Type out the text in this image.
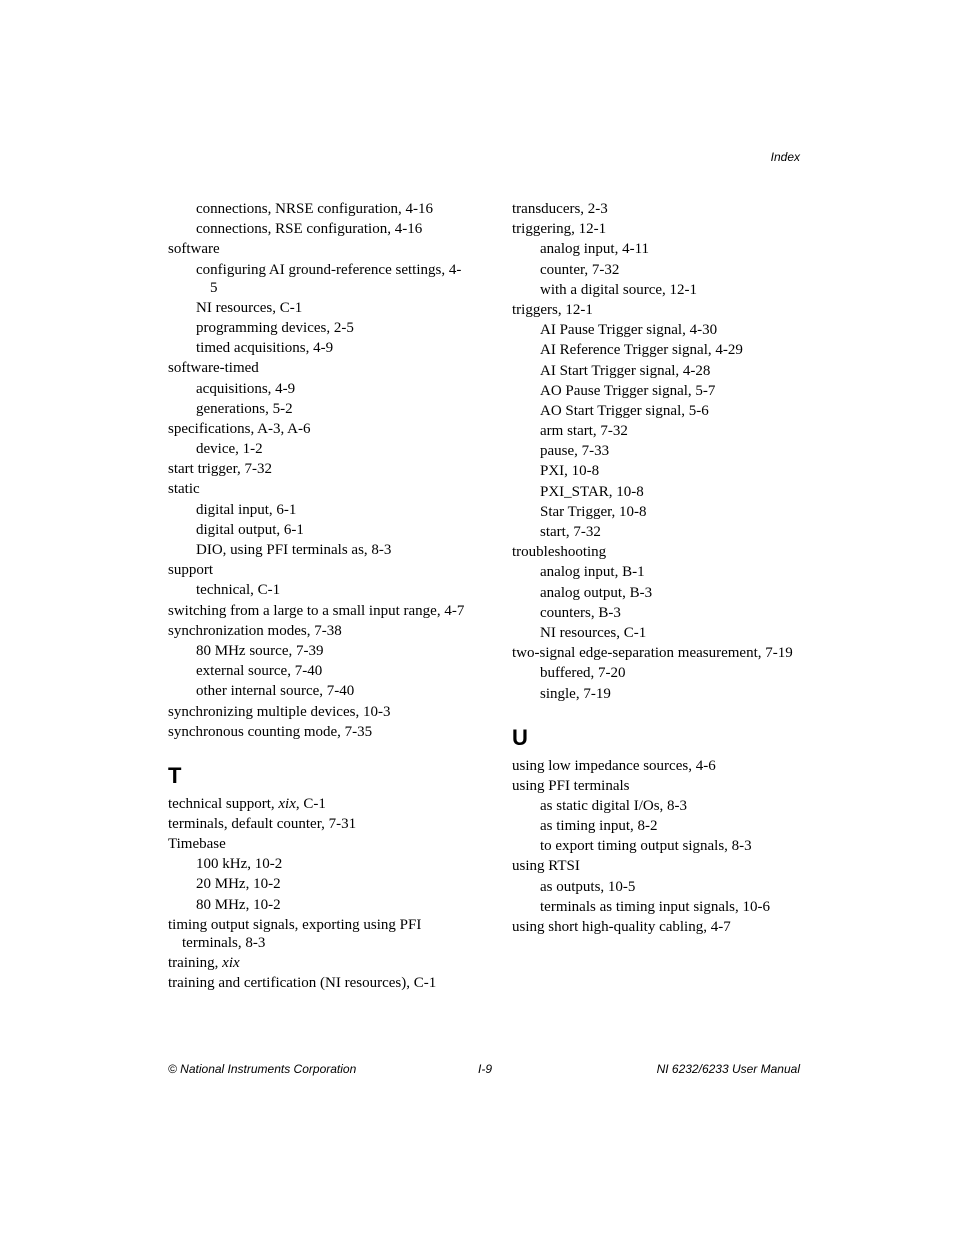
Index
connections, NRSE configuration, 4-16
connections, RSE configuration, 4-16
software
configuring AI ground-reference settings, 4-5
NI resources, C-1
programming devices, 2-5
timed acquisitions, 4-9
software-timed
acquisitions, 4-9
generations, 5-2
specifications, A-3, A-6
device, 1-2
start trigger, 7-32
static
digital input, 6-1
digital output, 6-1
DIO, using PFI terminals as, 8-3
support
technical, C-1
switching from a large to a small input range, 4-7
synchronization modes, 7-38
80 MHz source, 7-39
external source, 7-40
other internal source, 7-40
synchronizing multiple devices, 10-3
synchronous counting mode, 7-35
T
technical support, xix, C-1
terminals, default counter, 7-31
Timebase
100 kHz, 10-2
20 MHz, 10-2
80 MHz, 10-2
timing output signals, exporting using PFI terminals, 8-3
training, xix
training and certification (NI resources), C-1
transducers, 2-3
triggering, 12-1
analog input, 4-11
counter, 7-32
with a digital source, 12-1
triggers, 12-1
AI Pause Trigger signal, 4-30
AI Reference Trigger signal, 4-29
AI Start Trigger signal, 4-28
AO Pause Trigger signal, 5-7
AO Start Trigger signal, 5-6
arm start, 7-32
pause, 7-33
PXI, 10-8
PXI_STAR, 10-8
Star Trigger, 10-8
start, 7-32
troubleshooting
analog input, B-1
analog output, B-3
counters, B-3
NI resources, C-1
two-signal edge-separation measurement, 7-19
buffered, 7-20
single, 7-19
U
using low impedance sources, 4-6
using PFI terminals
as static digital I/Os, 8-3
as timing input, 8-2
to export timing output signals, 8-3
using RTSI
as outputs, 10-5
terminals as timing input signals, 10-6
using short high-quality cabling, 4-7
© National Instruments Corporation	I-9	NI 6232/6233 User Manual
